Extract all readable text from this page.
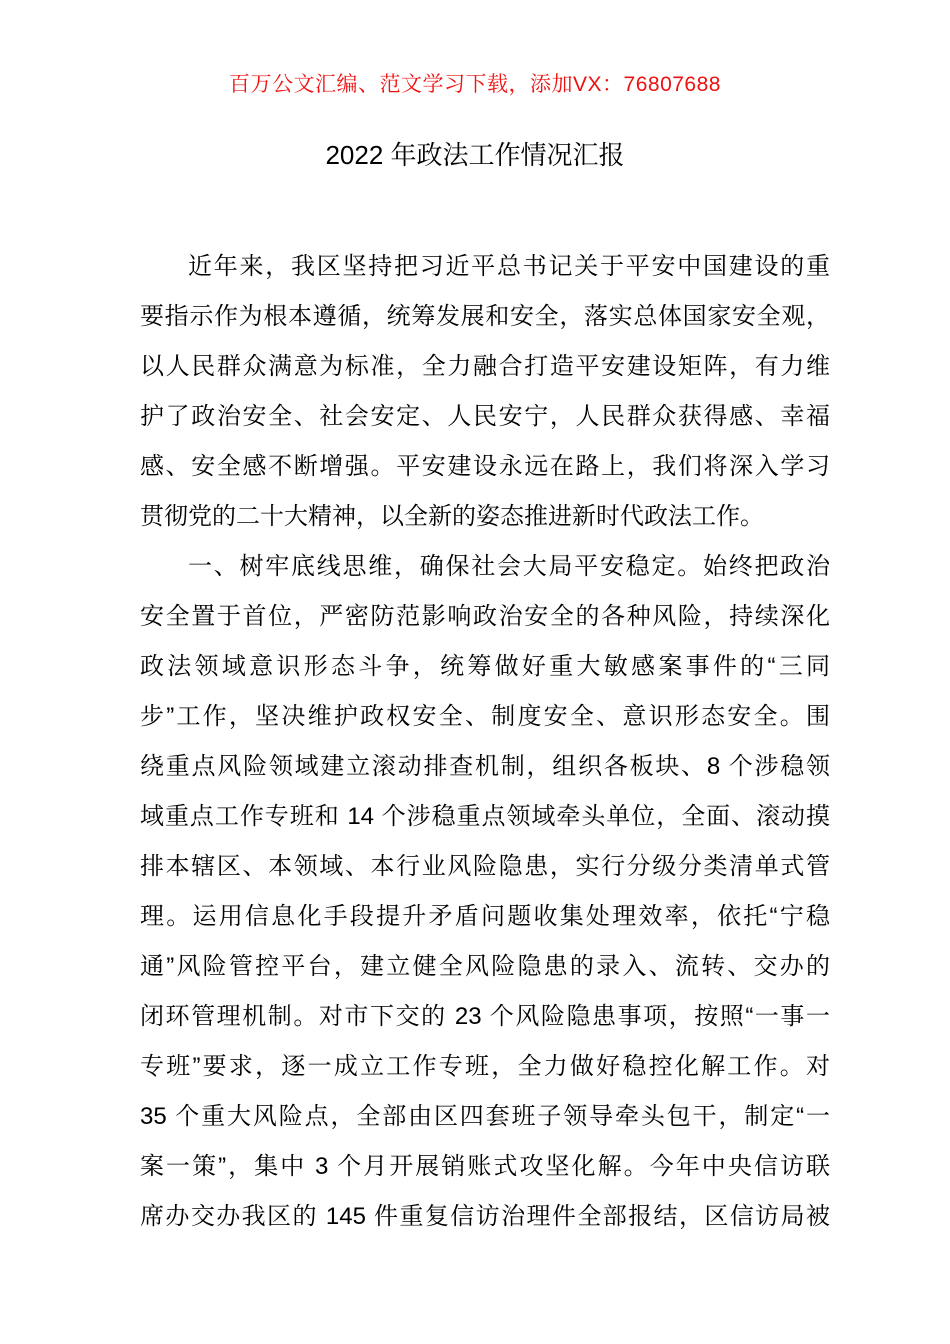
百万公文汇编、范文学习下载，添加VX：76807688
2022 年政法工作情况汇报
近年来，我区坚持把习近平总书记关于平安中国建设的重
要指示作为根本遵循，统筹发展和安全，落实总体国家安全观，
以人民群众满意为标准，全力融合打造平安建设矩阵，有力维
护了政治安全、社会安定、人民安宁，人民群众获得感、幸福
感、安全感不断增强。平安建设永远在路上，我们将深入学习
贯彻党的二十大精神，以全新的姿态推进新时代政法工作。
一、树牢底线思维，确保社会大局平安稳定。始终把政治
安全置于首位，严密防范影响政治安全的各种风险，持续深化
政法领域意识形态斗争，统筹做好重大敏感案事件的“三同
步”工作，坚决维护政权安全、制度安全、意识形态安全。围
绕重点风险领域建立滚动排查机制，组织各板块、8 个涉稳领
域重点工作专班和 14 个涉稳重点领域牵头单位，全面、滚动摸
排本辖区、本领域、本行业风险隐患，实行分级分类清单式管
理。运用信息化手段提升矛盾问题收集处理效率，依托“宁稳
通”风险管控平台，建立健全风险隐患的录入、流转、交办的
闭环管理机制。对市下交的 23 个风险隐患事项，按照“一事一
专班”要求，逐一成立工作专班，全力做好稳控化解工作。对
35 个重大风险点，全部由区四套班子领导牵头包干，制定“一
案一策”，集中 3 个月开展销账式攻坚化解。今年中央信访联
席办交办我区的 145 件重复信访治理件全部报结，区信访局被
